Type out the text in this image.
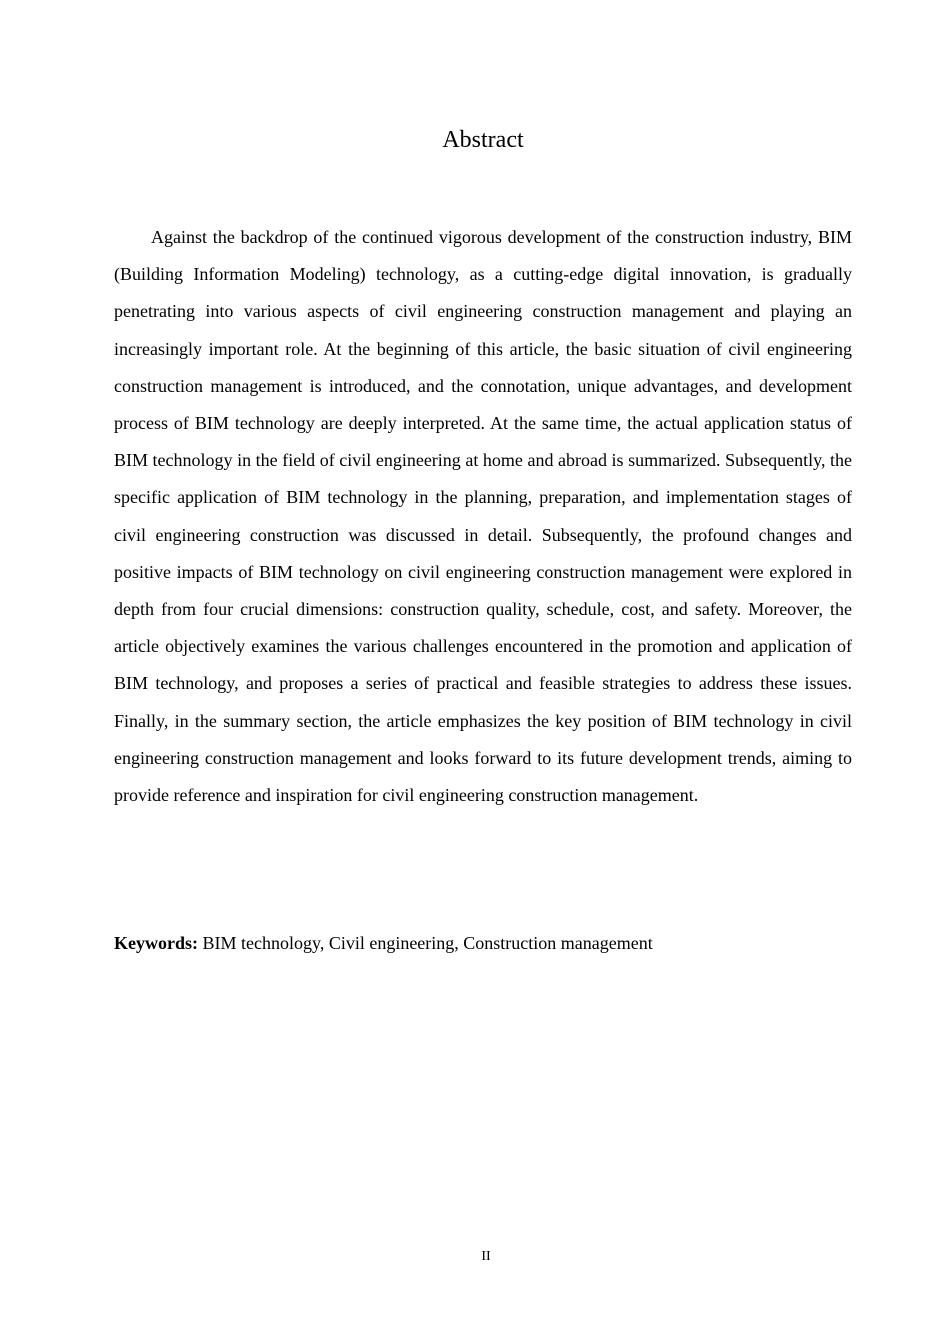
Abstract

Against the backdrop of the continued vigorous development of the construction industry, BIM (Building Information Modeling) technology, as a cutting-edge digital innovation, is gradually penetrating into various aspects of civil engineering construction management and playing an increasingly important role. At the beginning of this article, the basic situation of civil engineering construction management is introduced, and the connotation, unique advantages, and development process of BIM technology are deeply interpreted. At the same time, the actual application status of BIM technology in the field of civil engineering at home and abroad is summarized. Subsequently, the specific application of BIM technology in the planning, preparation, and implementation stages of civil engineering construction was discussed in detail. Subsequently, the profound changes and positive impacts of BIM technology on civil engineering construction management were explored in depth from four crucial dimensions: construction quality, schedule, cost, and safety. Moreover, the article objectively examines the various challenges encountered in the promotion and application of BIM technology, and proposes a series of practical and feasible strategies to address these issues. Finally, in the summary section, the article emphasizes the key position of BIM technology in civil engineering construction management and looks forward to its future development trends, aiming to provide reference and inspiration for civil engineering construction management.

Keywords: BIM technology, Civil engineering, Construction management

II
